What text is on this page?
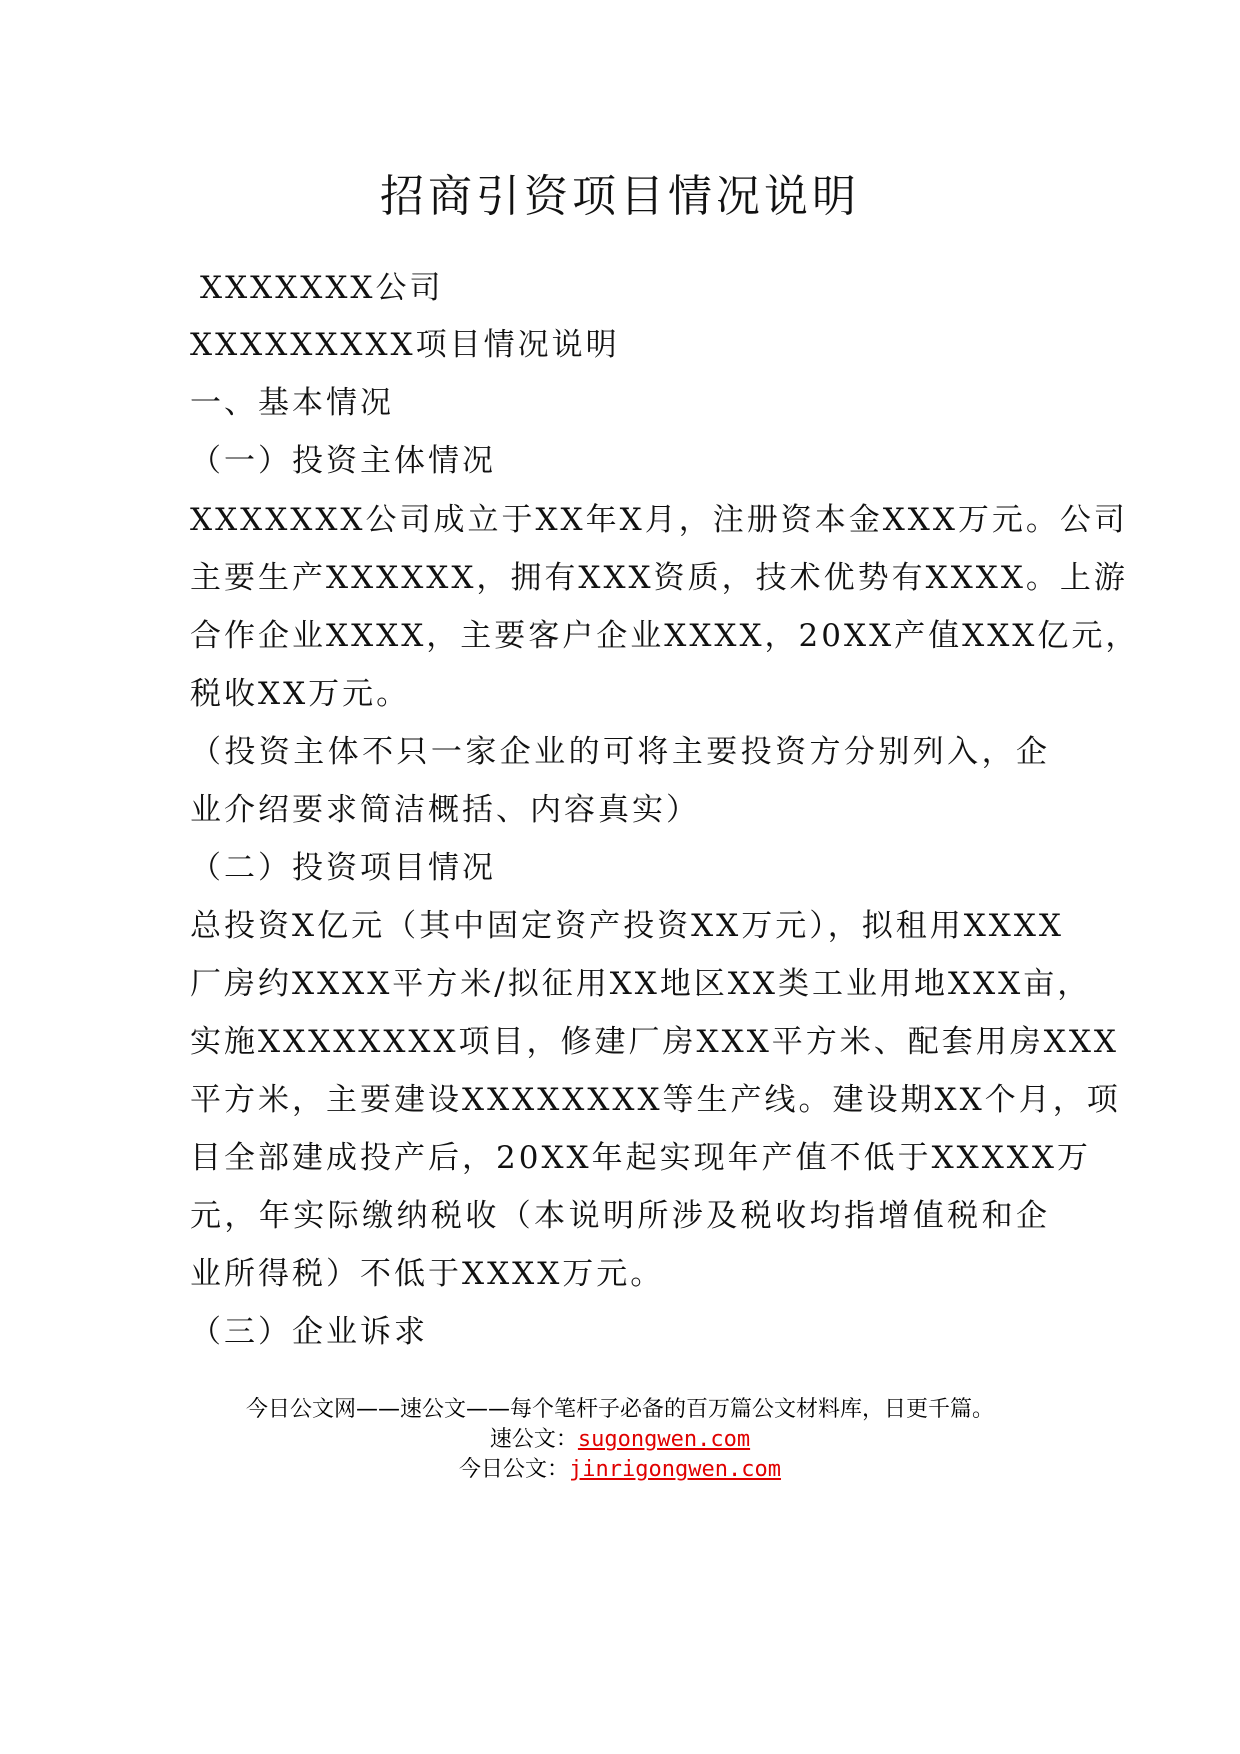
招商引资项目情况说明
XXXXXXX公司
XXXXXXXXX项目情况说明
一、基本情况
（一）投资主体情况
XXXXXXX公司成立于XX年X月，注册资本金XXX万元。公司
主要生产XXXXXX，拥有XXX资质，技术优势有XXXX。上游
合作企业XXXX，主要客户企业XXXX，20XX产值XXX亿元，
税收XX万元。
（投资主体不只一家企业的可将主要投资方分别列入，企
业介绍要求简洁概括、内容真实）
（二）投资项目情况
总投资X亿元（其中固定资产投资XX万元），拟租用XXXX
厂房约XXXX平方米/拟征用XX地区XX类工业用地XXX亩，
实施XXXXXXXX项目，修建厂房XXX平方米、配套用房XXX
平方米，主要建设XXXXXXXX等生产线。建设期XX个月，项
目全部建成投产后，20XX年起实现年产值不低于XXXXX万
元，年实际缴纳税收（本说明所涉及税收均指增值税和企
业所得税）不低于XXXX万元。
（三）企业诉求
今日公文网——速公文——每个笔杆子必备的百万篇公文材料库，日更千篇。
速公文：sugongwen.com
今日公文：jinrigongwen.com
